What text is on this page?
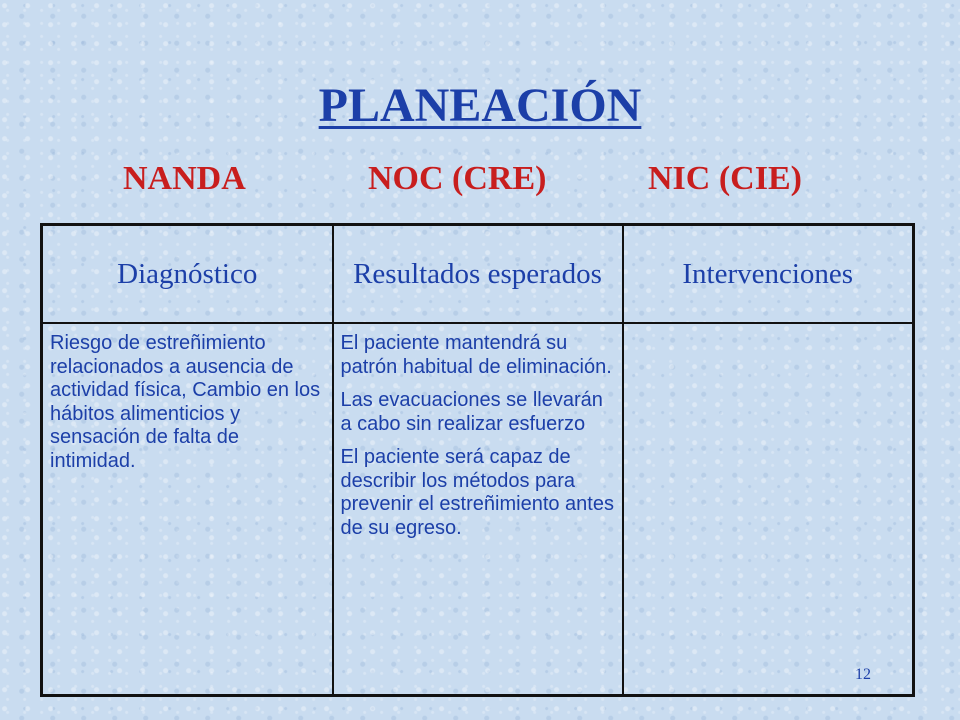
PLANEACIÓN
NANDA	NOC (CRE)	NIC (CIE)
Diagnóstico	Resultados esperados	Intervenciones
Riesgo de estreñimiento relacionados a ausencia de actividad física, Cambio en los hábitos alimenticios y sensación de falta de intimidad.	El paciente mantendrá su patrón habitual de eliminación.
Las evacuaciones se llevarán a cabo sin realizar esfuerzo
El paciente será capaz de describir los métodos para prevenir el estreñimiento antes de su egreso.	

12
